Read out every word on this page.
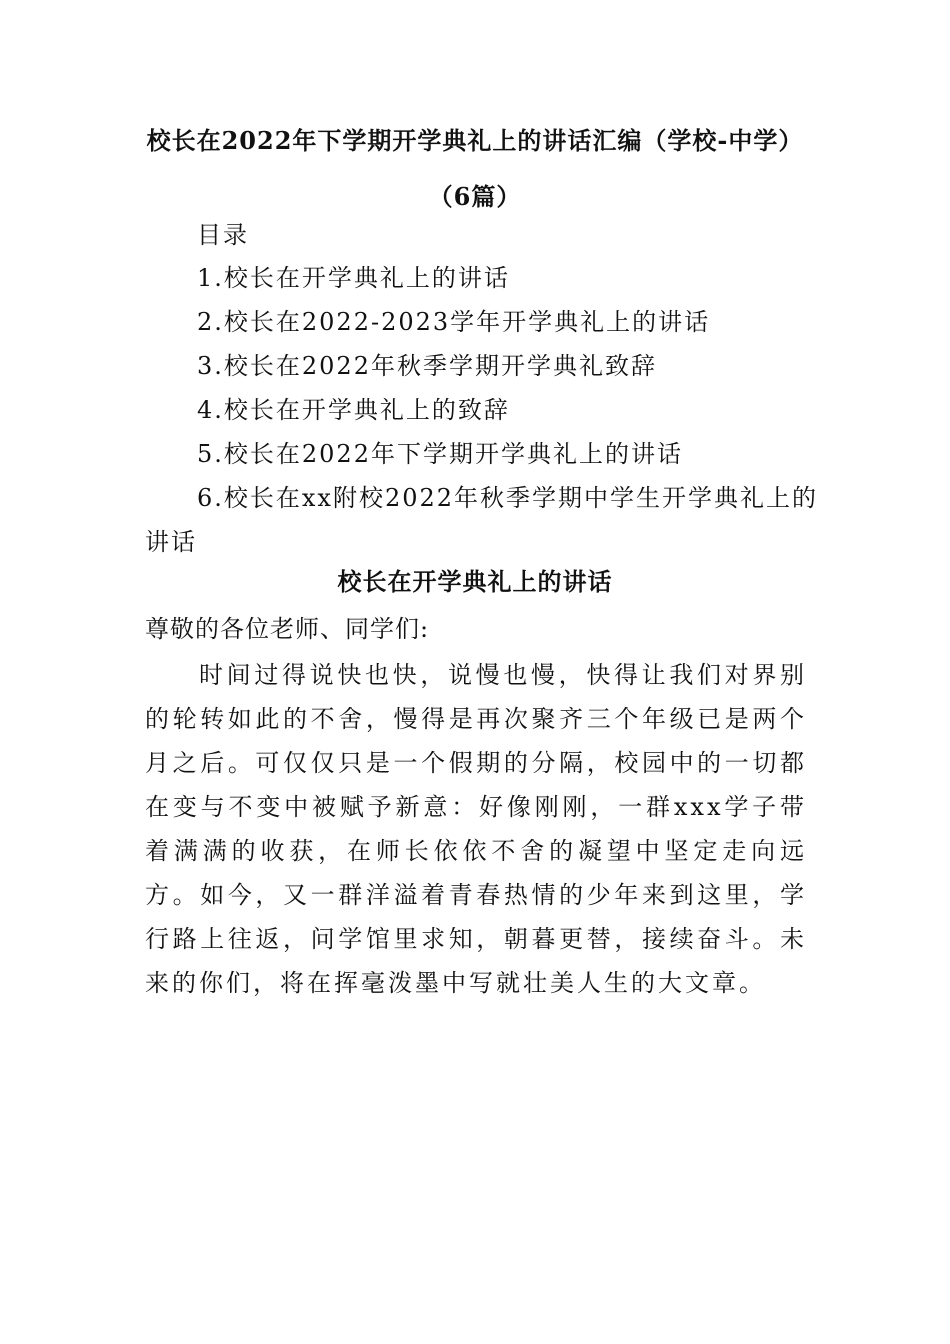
校长在2022年下学期开学典礼上的讲话汇编（学校-中学）
（6篇）
目录
1.校长在开学典礼上的讲话
2.校长在2022-2023学年开学典礼上的讲话
3.校长在2022年秋季学期开学典礼致辞
4.校长在开学典礼上的致辞
5.校长在2022年下学期开学典礼上的讲话
6.校长在xx附校2022年秋季学期中学生开学典礼上的
讲话
校长在开学典礼上的讲话
尊敬的各位老师、同学们:

时间过得说快也快，说慢也慢，快得让我们对界别的轮转如此的不舍，慢得是再次聚齐三个年级已是两个月之后。可仅仅只是一个假期的分隔，校园中的一切都在变与不变中被赋予新意：好像刚刚，一群xxx学子带着满满的收获，在师长依依不舍的凝望中坚定走向远方。如今，又一群洋溢着青春热情的少年来到这里，学行路上往返，问学馆里求知，朝暮更替，接续奋斗。未来的你们，将在挥毫泼墨中写就壮美人生的大文章。
